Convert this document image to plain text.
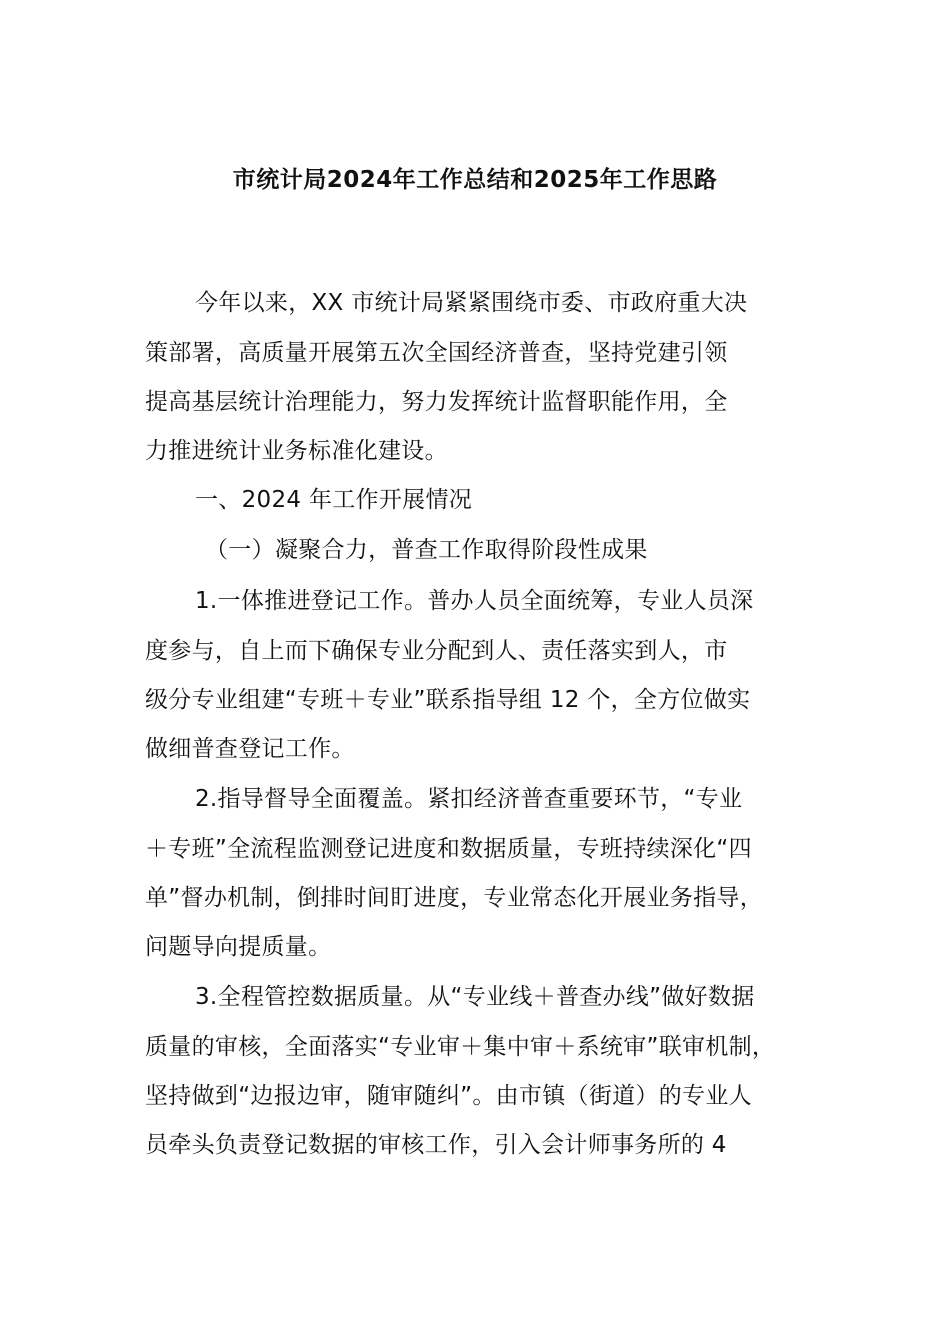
市统计局2024年工作总结和2025年工作思路
今年以来，XX 市统计局紧紧围绕市委、市政府重大决
策部署，高质量开展第五次全国经济普查，坚持党建引领
提高基层统计治理能力，努力发挥统计监督职能作用，全
力推进统计业务标准化建设。
一、2024 年工作开展情况
（一）凝聚合力，普查工作取得阶段性成果
1.一体推进登记工作。普办人员全面统筹，专业人员深
度参与，自上而下确保专业分配到人、责任落实到人，市
级分专业组建“专班＋专业”联系指导组 12 个，全方位做实
做细普查登记工作。
2.指导督导全面覆盖。紧扣经济普查重要环节，“专业
＋专班”全流程监测登记进度和数据质量，专班持续深化“四
单”督办机制，倒排时间盯进度，专业常态化开展业务指导，
问题导向提质量。
3.全程管控数据质量。从“专业线＋普查办线”做好数据
质量的审核，全面落实“专业审＋集中审＋系统审”联审机制，
坚持做到“边报边审，随审随纠”。由市镇（街道）的专业人
员牵头负责登记数据的审核工作，引入会计师事务所的 4
